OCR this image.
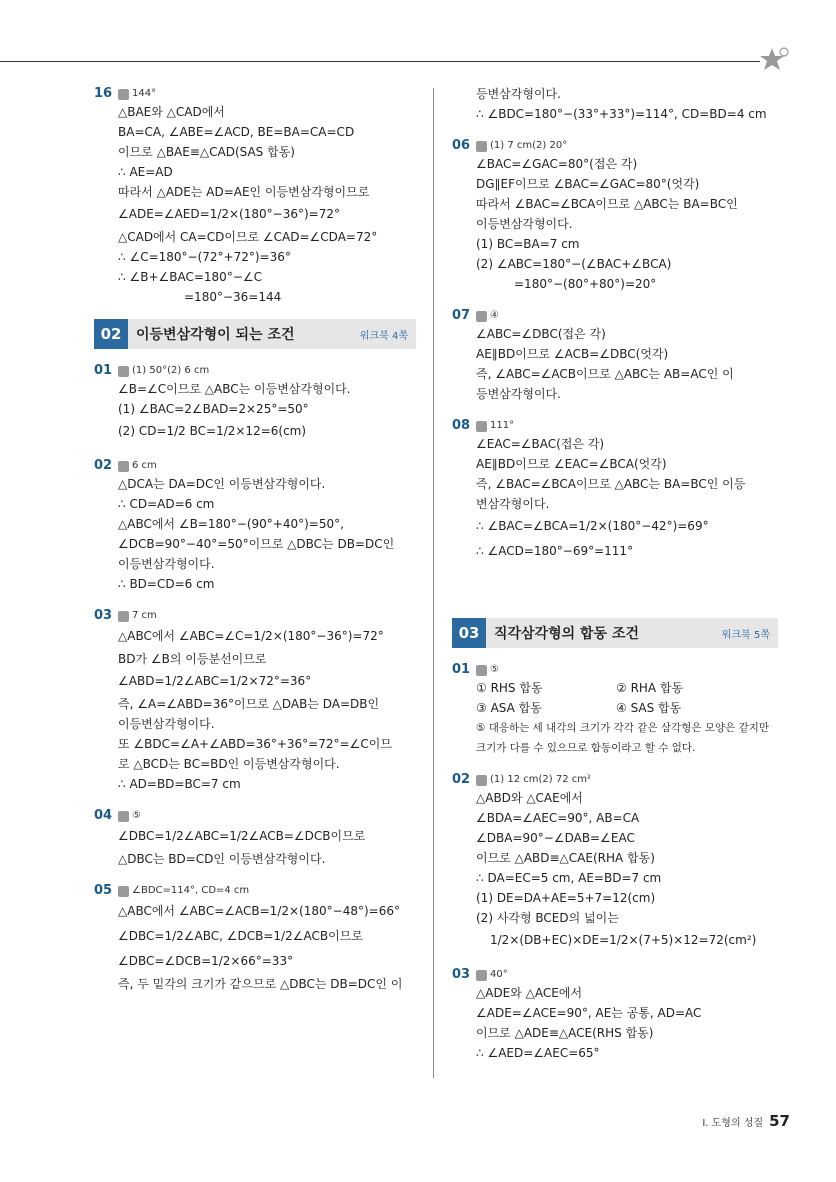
16	144°
△BAE와 △CAD에서
BA=CA, ∠ABE=∠ACD, BE=BA=CA=CD
이므로 △BAE≡△CAD(SAS 합동)
∴ AE=AD
따라서 △ADE는 AD=AE인 이등변삼각형이므로
∠ADE=∠AED=1/2×(180°−36°)=72°
△CAD에서 CA=CD이므로 ∠CAD=∠CDA=72°
∴ ∠C=180°−(72°+72°)=36°
∴ ∠B+∠BAC=180°−∠C
=180°−36=144
02	이등변삼각형이 되는 조건	워크북 4쪽
01	(1) 50° (2) 6 cm
∠B=∠C이므로 △ABC는 이등변삼각형이다.
(1) ∠BAC=2∠BAD=2×25°=50°
(2) CD=1/2 BC=1/2×12=6(cm)
02	6 cm
△DCA는 DA=DC인 이등변삼각형이다.
∴ CD=AD=6 cm
△ABC에서 ∠B=180°−(90°+40°)=50°,
∠DCB=90°−40°=50°이므로 △DBC는 DB=DC인
이등변삼각형이다.
∴ BD=CD=6 cm
03	7 cm
△ABC에서 ∠ABC=∠C=1/2×(180°−36°)=72°
BD가 ∠B의 이등분선이므로
∠ABD=1/2∠ABC=1/2×72°=36°
즉, ∠A=∠ABD=36°이므로 △DAB는 DA=DB인
이등변삼각형이다.
또 ∠BDC=∠A+∠ABD=36°+36°=72°=∠C이므
로 △BCD는 BC=BD인 이등변삼각형이다.
∴ AD=BD=BC=7 cm
04	⑤
∠DBC=1/2∠ABC=1/2∠ACB=∠DCB이므로
△DBC는 BD=CD인 이등변삼각형이다.
05	∠BDC=114°, CD=4 cm
△ABC에서 ∠ABC=∠ACB=1/2×(180°−48°)=66°
∠DBC=1/2∠ABC, ∠DCB=1/2∠ACB이므로
∠DBC=∠DCB=1/2×66°=33°
즉, 두 밑각의 크기가 같으므로 △DBC는 DB=DC인 이
등변삼각형이다.
∴ ∠BDC=180°−(33°+33°)=114°, CD=BD=4 cm
06	(1) 7 cm (2) 20°
∠BAC=∠GAC=80°(접은 각)
DG∥EF이므로 ∠BAC=∠GAC=80°(엇각)
따라서 ∠BAC=∠BCA이므로 △ABC는 BA=BC인
이등변삼각형이다.
(1) BC=BA=7 cm
(2) ∠ABC=180°−(∠BAC+∠BCA)
=180°−(80°+80°)=20°
07	④
∠ABC=∠DBC(접은 각)
AE∥BD이므로 ∠ACB=∠DBC(엇각)
즉, ∠ABC=∠ACB이므로 △ABC는 AB=AC인 이
등변삼각형이다.
08	111°
∠EAC=∠BAC(접은 각)
AE∥BD이므로 ∠EAC=∠BCA(엇각)
즉, ∠BAC=∠BCA이므로 △ABC는 BA=BC인 이등
변삼각형이다.
∴ ∠BAC=∠BCA=1/2×(180°−42°)=69°
∴ ∠ACD=180°−69°=111°
03	직각삼각형의 합동 조건	워크북 5쪽
01	⑤
① RHS 합동	② RHA 합동
③ ASA 합동	④ SAS 합동
⑤ 대응하는 세 내각의 크기가 각각 같은 삼각형은 모양은 같지만 크기가 다를 수 있으므로 합동이라고 할 수 없다.
02	(1) 12 cm (2) 72 cm²
△ABD와 △CAE에서
∠BDA=∠AEC=90°, AB=CA
∠DBA=90°−∠DAB=∠EAC
이므로 △ABD≡△CAE(RHA 합동)
∴ DA=EC=5 cm, AE=BD=7 cm
(1) DE=DA+AE=5+7=12(cm)
(2) 사각형 BCED의 넓이는
1/2×(DB+EC)×DE=1/2×(7+5)×12=72(cm²)
03	40°
△ADE와 △ACE에서
∠ADE=∠ACE=90°, AE는 공통, AD=AC
이므로 △ADE≡△ACE(RHS 합동)
∴ ∠AED=∠AEC=65°
I. 도형의 성질 57
